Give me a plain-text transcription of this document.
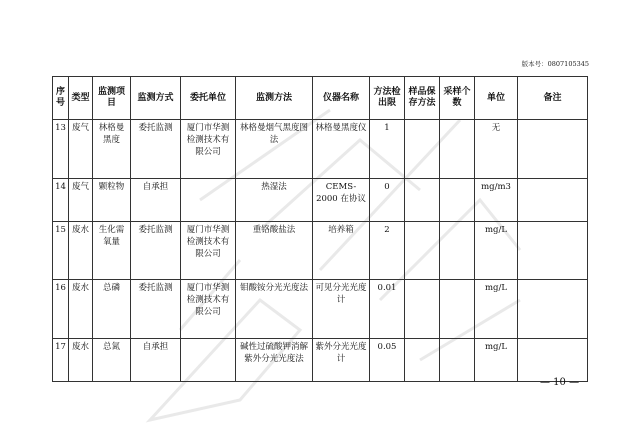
版本号：0807105345
序号	类型	监测项目	监测方式	委托单位	监测方法	仪器名称	方法检出限	样品保存方法	采样个数	单位	备注
13	废气	林格曼黑度	委托监测	厦门市华测检测技术有限公司	林格曼烟气黑度图法	林格曼黑度仪	1			无	
14	废气	颗粒物	自承担		热湿法	CEMS-2000 在协议	0			mg/m3	
15	废水	生化需氧量	委托监测	厦门市华测检测技术有限公司	重铬酸盐法	培养箱	2			mg/L	
16	废水	总磷	委托监测	厦门市华测检测技术有限公司	钼酸铵分光光度法	可见分光光度计	0.01			mg/L	
17	废水	总氮	自承担		碱性过硫酸钾消解紫外分光光度法	紫外分光光度计	0.05			mg/L	
— 10 —
